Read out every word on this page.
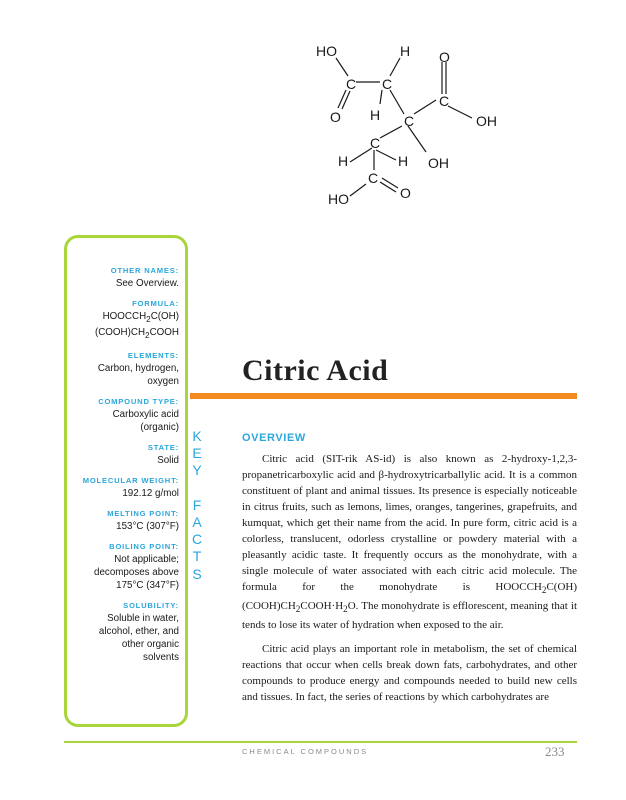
HO	H O
C C
O H
C
C	OH
C
H	H OH
C
HO	O
OTHER NAMES:
See Overview.
FORMULA:
$HOOCCH_2C(OH)$
$(COOH)CH_2COOH$
ELEMENTS:
Carbon, hydrogen,
oxygen
COMPOUND TYPE:
Carboxylic acid
(organic)
STATE:
Solid
MOLECULAR WEIGHT:
192.12 g/mol
MELTING POINT:
153°C (307°F)
BOILING POINT:
Not applicable;
decomposes above
175°C (347°F)
SOLUBILITY:
Soluble in water,
alcohol, ether, and
other organic
solvents
K
E
Y

F
A
C
T
S
Citric Acid
OVERVIEW

Citric acid (SIT-rik AS-id) is also known as 2-hydroxy-1,2,3-propanetricarboxylic acid and β-hydroxytricarballylic acid. It is a common constituent of plant and animal tissues. Its presence is especially noticeable in citrus fruits, such as lemons, limes, oranges, tangerines, grapefruits, and kumquat, which get their name from the acid. In pure form, citric acid is a colorless, translucent, odorless crystalline or powdery material with a pleasantly acidic taste. It frequently occurs as the monohydrate, with a single molecule of water associated with each citric acid molecule. The formula for the monohydrate is $HOOCCH_2C(OH)(COOH)CH_2COOH\cdot H_2O$. The monohydrate is efflorescent, meaning that it tends to lose its water of hydration when exposed to the air.

Citric acid plays an important role in metabolism, the set of chemical reactions that occur when cells break down fats, carbohydrates, and other compounds to produce energy and compounds needed to build new cells and tissues. In fact, the series of reactions by which carbohydrates are

CHEMICAL COMPOUNDS	233
